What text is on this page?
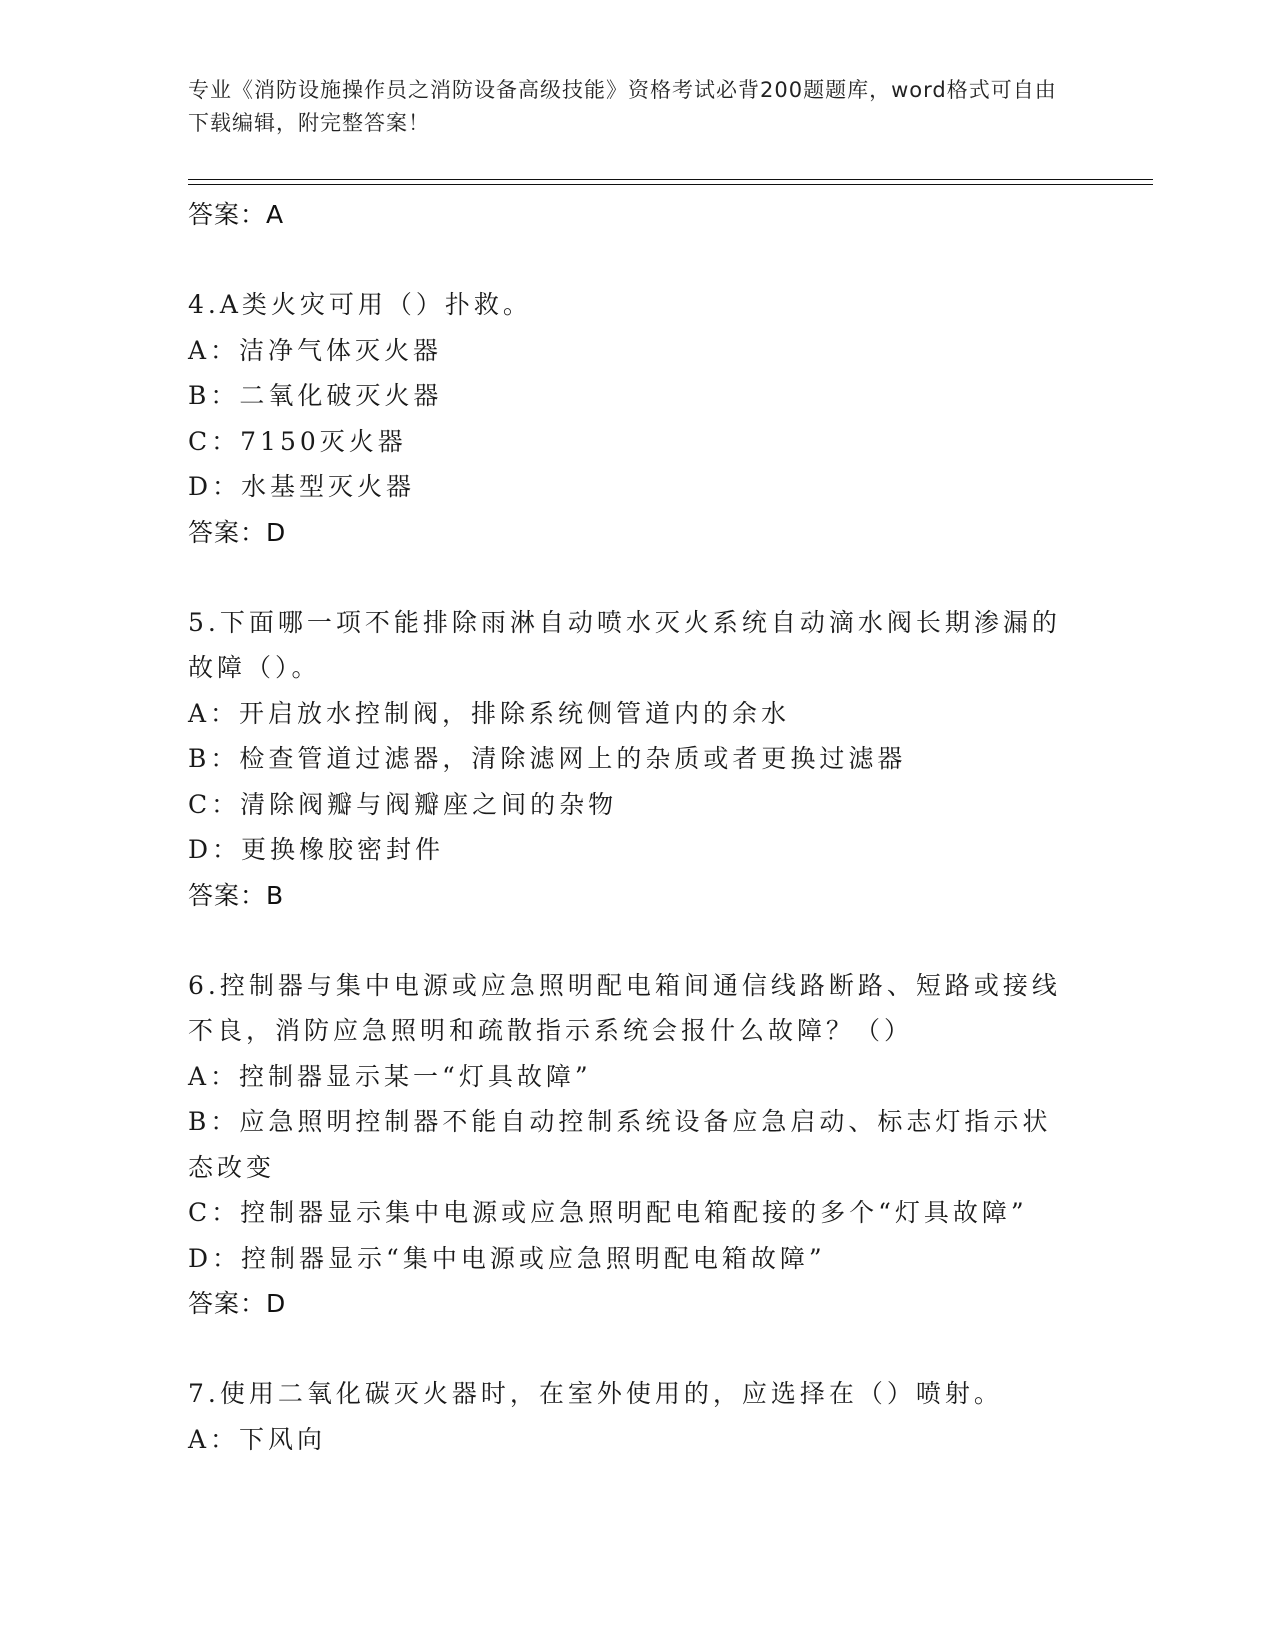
专业《消防设施操作员之消防设备高级技能》资格考试必背200题题库，word格式可自由下载编辑，附完整答案！
答案：A
4.A类火灾可用（）扑救。
A：洁净气体灭火器
B：二氧化破灭火器
C：7150灭火器
D：水基型灭火器
答案：D
5.下面哪一项不能排除雨淋自动喷水灭火系统自动滴水阀长期渗漏的故障（）。
A：开启放水控制阀，排除系统侧管道内的余水
B：检查管道过滤器，清除滤网上的杂质或者更换过滤器
C：清除阀瓣与阀瓣座之间的杂物
D：更换橡胶密封件
答案：B
6.控制器与集中电源或应急照明配电箱间通信线路断路、短路或接线不良，消防应急照明和疏散指示系统会报什么故障？（）
A：控制器显示某一“灯具故障”
B：应急照明控制器不能自动控制系统设备应急启动、标志灯指示状态改变
C：控制器显示集中电源或应急照明配电箱配接的多个“灯具故障”
D：控制器显示“集中电源或应急照明配电箱故障”
答案：D
7.使用二氧化碳灭火器时，在室外使用的，应选择在（）喷射。
A：下风向
